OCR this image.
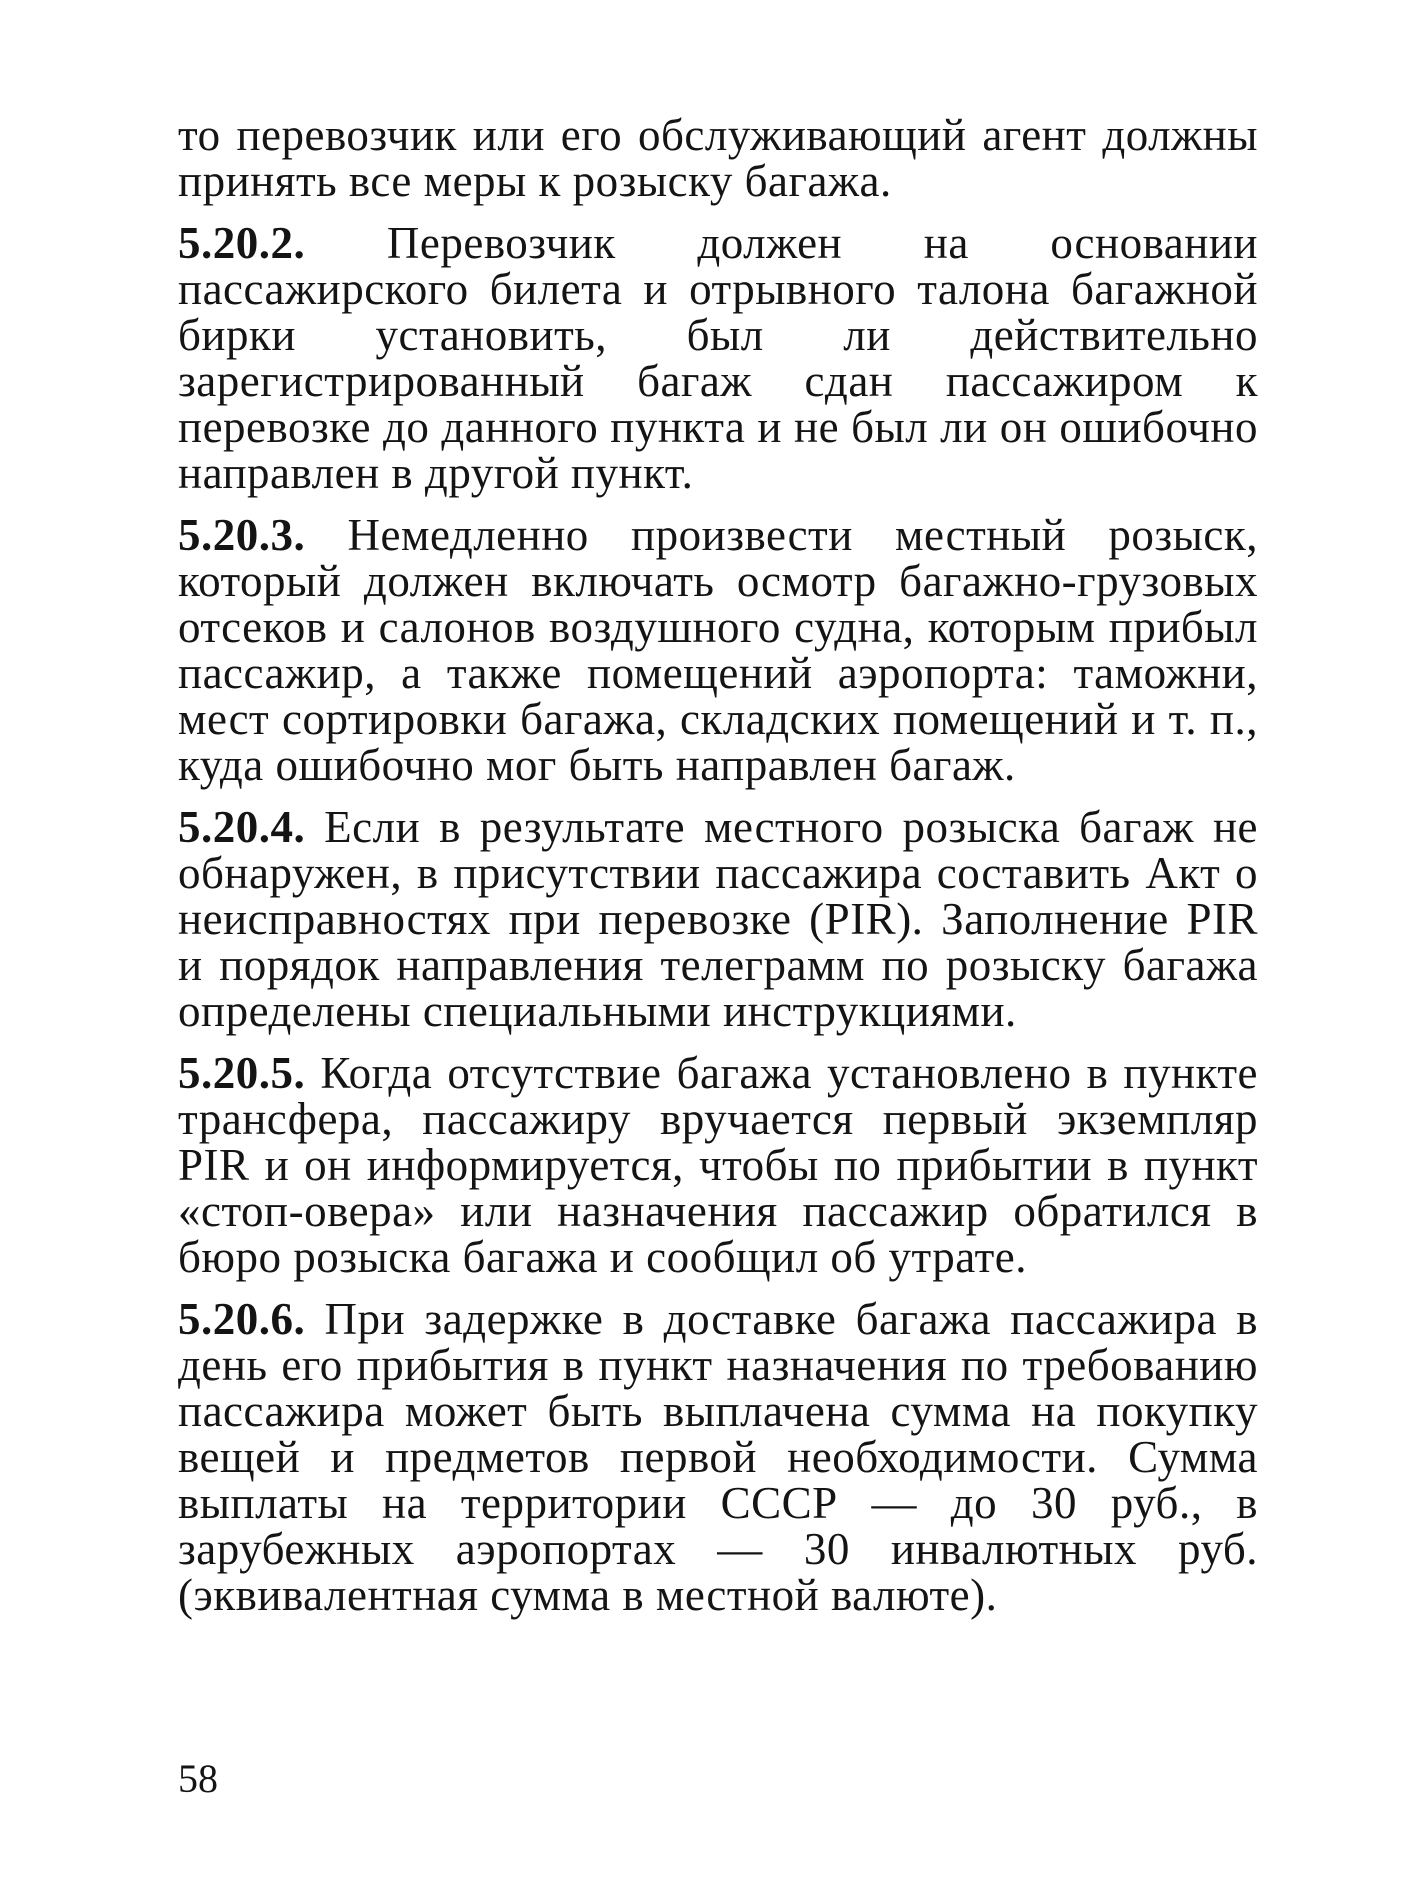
то перевозчик или его обслуживающий агент должны принять все меры к розыску багажа.

5.20.2. Перевозчик должен на основании пассажирского билета и отрывного талона багажной бирки установить, был ли действительно зарегистрированный багаж сдан пассажиром к перевозке до данного пункта и не был ли он ошибочно направлен в другой пункт.

5.20.3. Немедленно произвести местный розыск, который должен включать осмотр багажно-грузовых отсеков и салонов воздушного судна, которым прибыл пассажир, а также помещений аэропорта: таможни, мест сортировки багажа, складских помещений и т. п., куда ошибочно мог быть направлен багаж.

5.20.4. Если в результате местного розыска багаж не обнаружен, в присутствии пассажира составить Акт о неисправностях при перевозке (PIR). Заполнение PIR и порядок направления телеграмм по розыску багажа определены специальными инструкциями.

5.20.5. Когда отсутствие багажа установлено в пункте трансфера, пассажиру вручается первый экземпляр PIR и он информируется, чтобы по прибытии в пункт «стоп-овера» или назначения пассажир обратился в бюро розыска багажа и сообщил об утрате.

5.20.6. При задержке в доставке багажа пассажира в день его прибытия в пункт назначения по требованию пассажира может быть выплачена сумма на покупку вещей и предметов первой необходимости. Сумма выплаты на территории СССР — до 30 руб., в зарубежных аэропортах — 30 инвалютных руб. (эквивалентная сумма в местной валюте).

58
